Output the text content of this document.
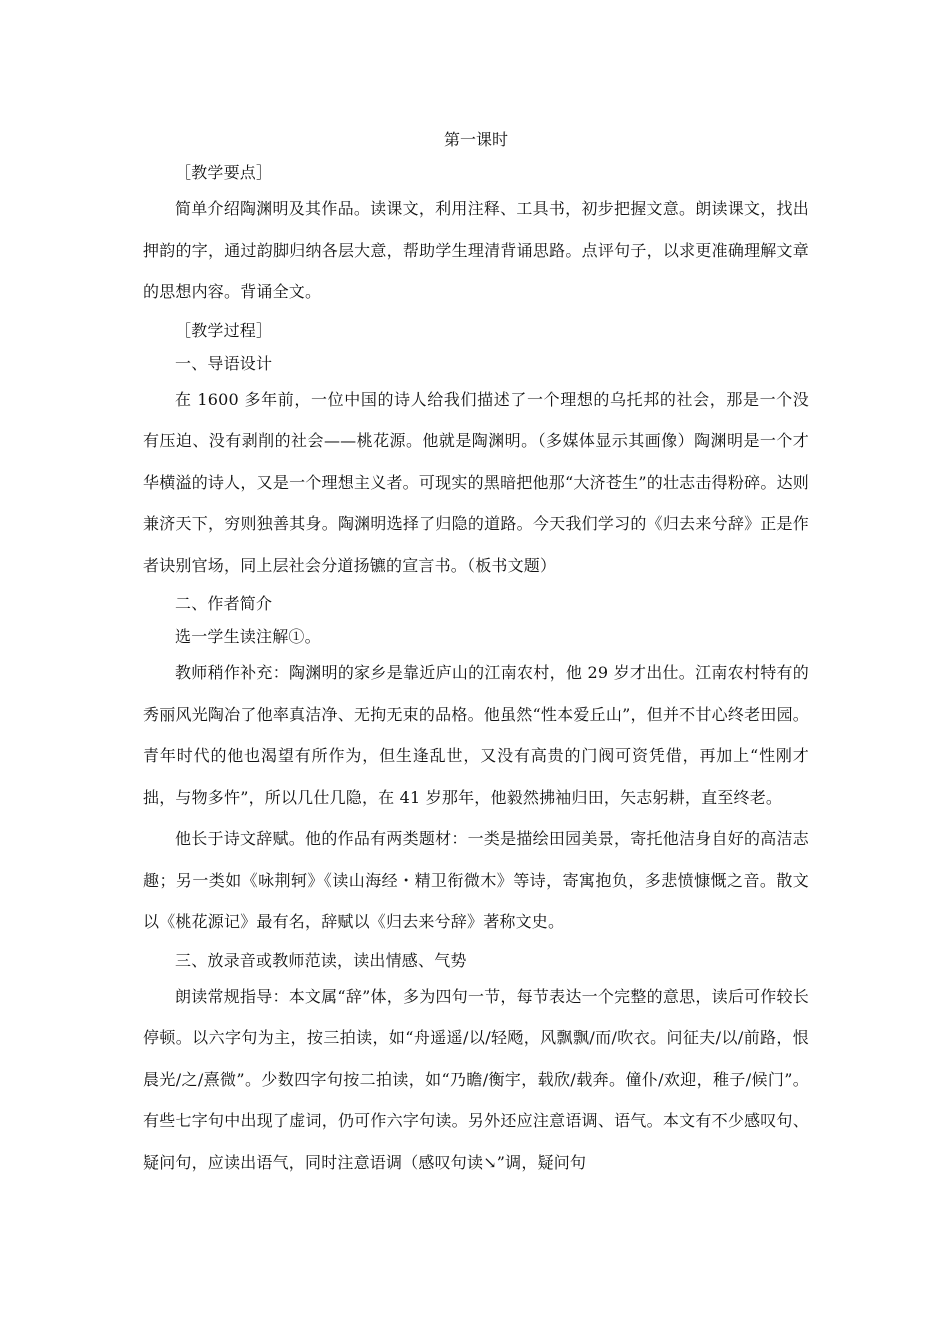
第一课时

［教学要点］

简单介绍陶渊明及其作品。读课文，利用注释、工具书，初步把握文意。朗读课文，找出押韵的字，通过韵脚归纳各层大意，帮助学生理清背诵思路。点评句子，以求更准确理解文章的思想内容。背诵全文。

［教学过程］

一、导语设计

在 1600 多年前，一位中国的诗人给我们描述了一个理想的乌托邦的社会，那是一个没有压迫、没有剥削的社会——桃花源。他就是陶渊明。（多媒体显示其画像）陶渊明是一个才华横溢的诗人，又是一个理想主义者。可现实的黑暗把他那“大济苍生”的壮志击得粉碎。达则兼济天下，穷则独善其身。陶渊明选择了归隐的道路。今天我们学习的《归去来兮辞》正是作者诀别官场，同上层社会分道扬镳的宣言书。（板书文题）

二、作者简介

选一学生读注解①。

教师稍作补充：陶渊明的家乡是靠近庐山的江南农村，他 29 岁才出仕。江南农村特有的秀丽风光陶冶了他率真洁净、无拘无束的品格。他虽然“性本爱丘山”，但并不甘心终老田园。青年时代的他也渴望有所作为，但生逢乱世，又没有高贵的门阀可资凭借，再加上“性刚才拙，与物多忤”，所以几仕几隐，在 41 岁那年，他毅然拂袖归田，矢志躬耕，直至终老。

他长于诗文辞赋。他的作品有两类题材：一类是描绘田园美景，寄托他洁身自好的高洁志趣；另一类如《咏荆轲》《读山海经・精卫衔微木》等诗，寄寓抱负，多悲愤慷慨之音。散文以《桃花源记》最有名，辞赋以《归去来兮辞》著称文史。

三、放录音或教师范读，读出情感、气势

朗读常规指导：本文属“辞”体，多为四句一节，每节表达一个完整的意思，读后可作较长停顿。以六字句为主，按三拍读，如“舟遥遥/以/轻飏，风飘飘/而/吹衣。问征夫/以/前路，恨晨光/之/熹微”。少数四字句按二拍读，如“乃瞻/衡宇，载欣/载奔。僮仆/欢迎，稚子/候门”。有些七字句中出现了虚词，仍可作六字句读。另外还应注意语调、语气。本文有不少感叹句、疑问句，应读出语气，同时注意语调（感叹句读↘”调，疑问句
